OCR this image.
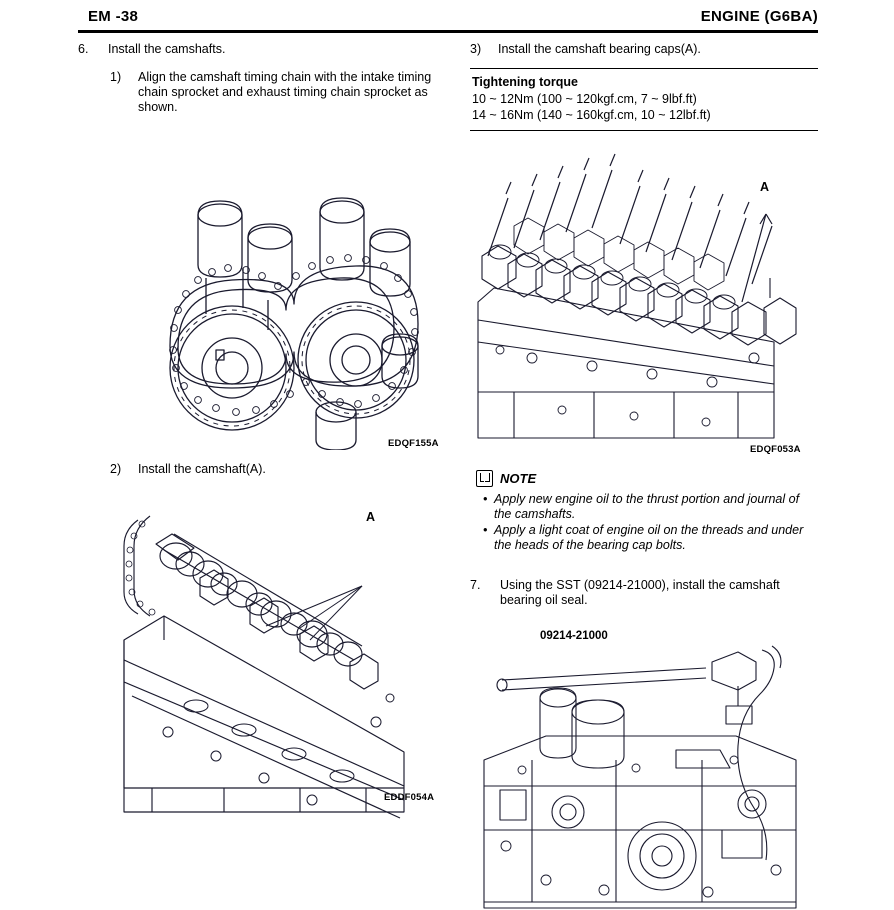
EM -38	ENGINE (G6BA)
6.	Install the camshafts.
1)	Align the camshaft timing chain with the intake timing chain sprocket and exhaust timing chain sprocket as shown.
EDQF155A
2)	Install the camshaft(A).
A
EDDF054A
3)	Install the camshaft bearing caps(A).
Tightening torque
10 ~ 12Nm (100 ~ 120kgf.cm, 7 ~ 9lbf.ft)
14 ~ 16Nm (140 ~ 160kgf.cm, 10 ~ 12lbf.ft)
A
EDQF053A
NOTE
• Apply new engine oil to the thrust portion and journal of the camshafts.
• Apply a light coat of engine oil on the threads and under the heads of the bearing cap bolts.
7.	Using the SST (09214-21000), install the camshaft bearing oil seal.
09214-21000
